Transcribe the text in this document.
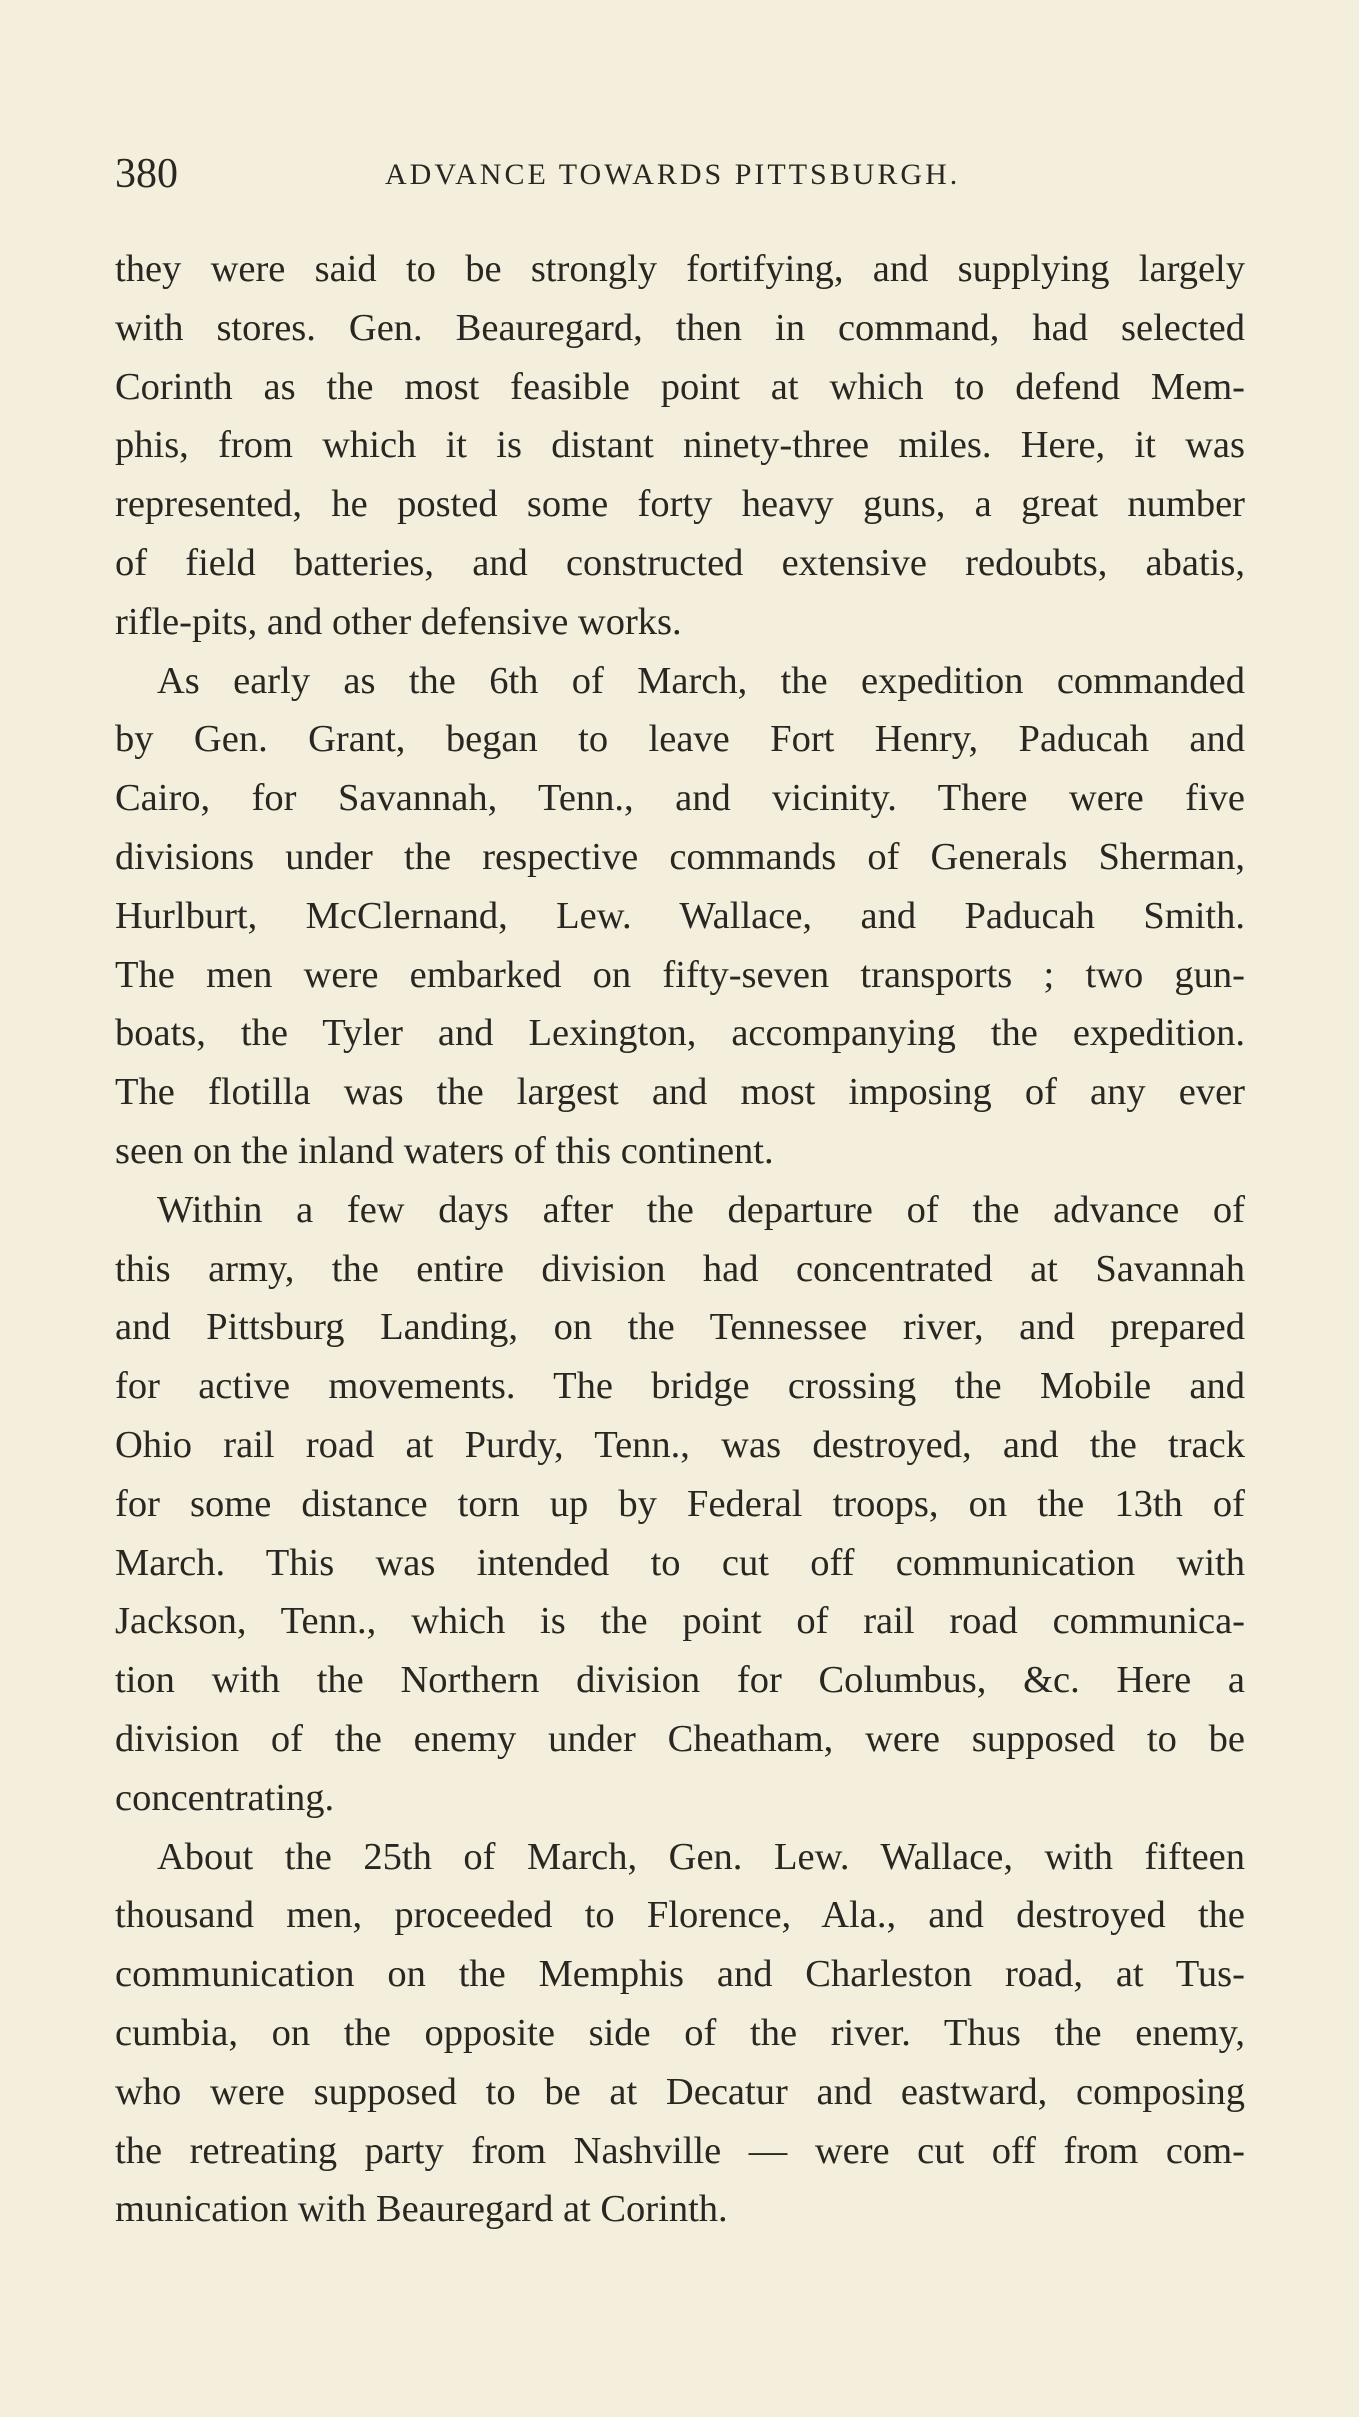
380	ADVANCE TOWARDS PITTSBURGH.
they were said to be strongly fortifying, and supplying largely
with stores. Gen. Beauregard, then in command, had selected
Corinth as the most feasible point at which to defend Mem-
phis, from which it is distant ninety-three miles. Here, it was
represented, he posted some forty heavy guns, a great number
of field batteries, and constructed extensive redoubts, abatis,
rifle-pits, and other defensive works.
As early as the 6th of March, the expedition commanded
by Gen. Grant, began to leave Fort Henry, Paducah and
Cairo, for Savannah, Tenn., and vicinity. There were five
divisions under the respective commands of Generals Sherman,
Hurlburt, McClernand, Lew. Wallace, and Paducah Smith.
The men were embarked on fifty-seven transports ; two gun-
boats, the Tyler and Lexington, accompanying the expedition.
The flotilla was the largest and most imposing of any ever
seen on the inland waters of this continent.
Within a few days after the departure of the advance of
this army, the entire division had concentrated at Savannah
and Pittsburg Landing, on the Tennessee river, and prepared
for active movements. The bridge crossing the Mobile and
Ohio rail road at Purdy, Tenn., was destroyed, and the track
for some distance torn up by Federal troops, on the 13th of
March. This was intended to cut off communication with
Jackson, Tenn., which is the point of rail road communica-
tion with the Northern division for Columbus, &c. Here a
division of the enemy under Cheatham, were supposed to be
concentrating.
About the 25th of March, Gen. Lew. Wallace, with fifteen
thousand men, proceeded to Florence, Ala., and destroyed the
communication on the Memphis and Charleston road, at Tus-
cumbia, on the opposite side of the river. Thus the enemy,
who were supposed to be at Decatur and eastward, composing
the retreating party from Nashville — were cut off from com-
munication with Beauregard at Corinth.
